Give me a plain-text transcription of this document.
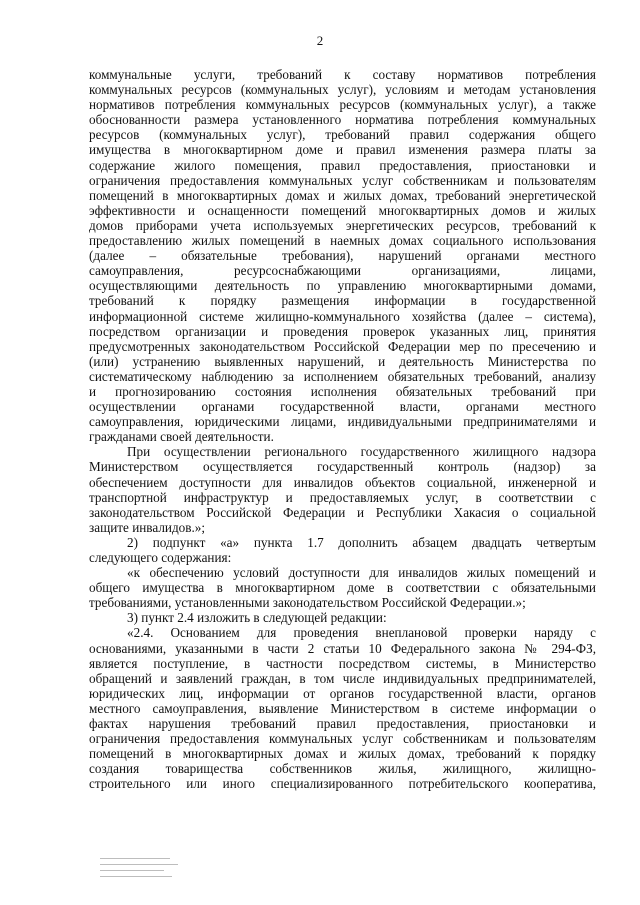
2
коммунальные услуги, требований к составу нормативов потребления
коммунальных ресурсов (коммунальных услуг), условиям и методам установления
нормативов потребления коммунальных ресурсов (коммунальных услуг), а также
обоснованности размера установленного норматива потребления коммунальных
ресурсов (коммунальных услуг), требований правил содержания общего
имущества в многоквартирном доме и правил изменения размера платы за
содержание жилого помещения, правил предоставления, приостановки и
ограничения предоставления коммунальных услуг собственникам и пользователям
помещений в многоквартирных домах и жилых домах, требований энергетической
эффективности и оснащенности помещений многоквартирных домов и жилых
домов приборами учета используемых энергетических ресурсов, требований к
предоставлению жилых помещений в наемных домах социального использования
(далее – обязательные требования), нарушений органами местного
самоуправления, ресурсоснабжающими организациями, лицами,
осуществляющими деятельность по управлению многоквартирными домами,
требований к порядку размещения информации в государственной
информационной системе жилищно-коммунального хозяйства (далее – система),
посредством организации и проведения проверок указанных лиц, принятия
предусмотренных законодательством Российской Федерации мер по пресечению и
(или) устранению выявленных нарушений, и деятельность Министерства по
систематическому наблюдению за исполнением обязательных требований, анализу
и прогнозированию состояния исполнения обязательных требований при
осуществлении органами государственной власти, органами местного
самоуправления, юридическими лицами, индивидуальными предпринимателями и
гражданами своей деятельности.
При осуществлении регионального государственного жилищного надзора
Министерством осуществляется государственный контроль (надзор) за
обеспечением доступности для инвалидов объектов социальной, инженерной и
транспортной инфраструктур и предоставляемых услуг, в соответствии с
законодательством Российской Федерации и Республики Хакасия о социальной
защите инвалидов.»;
2) подпункт «а» пункта 1.7 дополнить абзацем двадцать четвертым
следующего содержания:
«к обеспечению условий доступности для инвалидов жилых помещений и
общего имущества в многоквартирном доме в соответствии с обязательными
требованиями, установленными законодательством Российской Федерации.»;
3) пункт 2.4 изложить в следующей редакции:
«2.4. Основанием для проведения внеплановой проверки наряду с
основаниями, указанными в части 2 статьи 10 Федерального закона № 294-ФЗ,
является поступление, в частности посредством системы, в Министерство
обращений и заявлений граждан, в том числе индивидуальных предпринимателей,
юридических лиц, информации от органов государственной власти, органов
местного самоуправления, выявление Министерством в системе информации о
фактах нарушения требований правил предоставления, приостановки и
ограничения предоставления коммунальных услуг собственникам и пользователям
помещений в многоквартирных домах и жилых домах, требований к порядку
создания товарищества собственников жилья, жилищного, жилищно-
строительного или иного специализированного потребительского кооператива,
